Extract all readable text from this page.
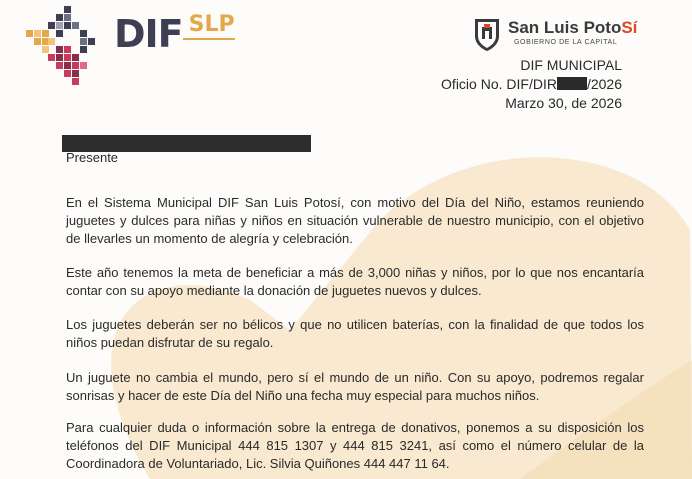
DIF SLP	San Luis PotoSí
GOBIERNO DE LA CAPITAL
DIF MUNICIPAL
Oficio No. DIF/DIR /2026
Marzo 30, de 2026
Presente

En el Sistema Municipal DIF San Luis Potosí, con motivo del Día del Niño, estamos reuniendo juguetes y dulces para niñas y niños en situación vulnerable de nuestro municipio, con el objetivo de llevarles un momento de alegría y celebración.

Este año tenemos la meta de beneficiar a más de 3,000 niñas y niños, por lo que nos encantaría contar con su apoyo mediante la donación de juguetes nuevos y dulces.

Los juguetes deberán ser no bélicos y que no utilicen baterías, con la finalidad de que todos los niños puedan disfrutar de su regalo.

Un juguete no cambia el mundo, pero sí el mundo de un niño. Con su apoyo, podremos regalar sonrisas y hacer de este Día del Niño una fecha muy especial para muchos niños.

Para cualquier duda o información sobre la entrega de donativos, ponemos a su disposición los teléfonos del DIF Municipal 444 815 1307 y 444 815 3241, así como el número celular de la Coordinadora de Voluntariado, Lic. Silvia Quiñones 444 447 11 64.
